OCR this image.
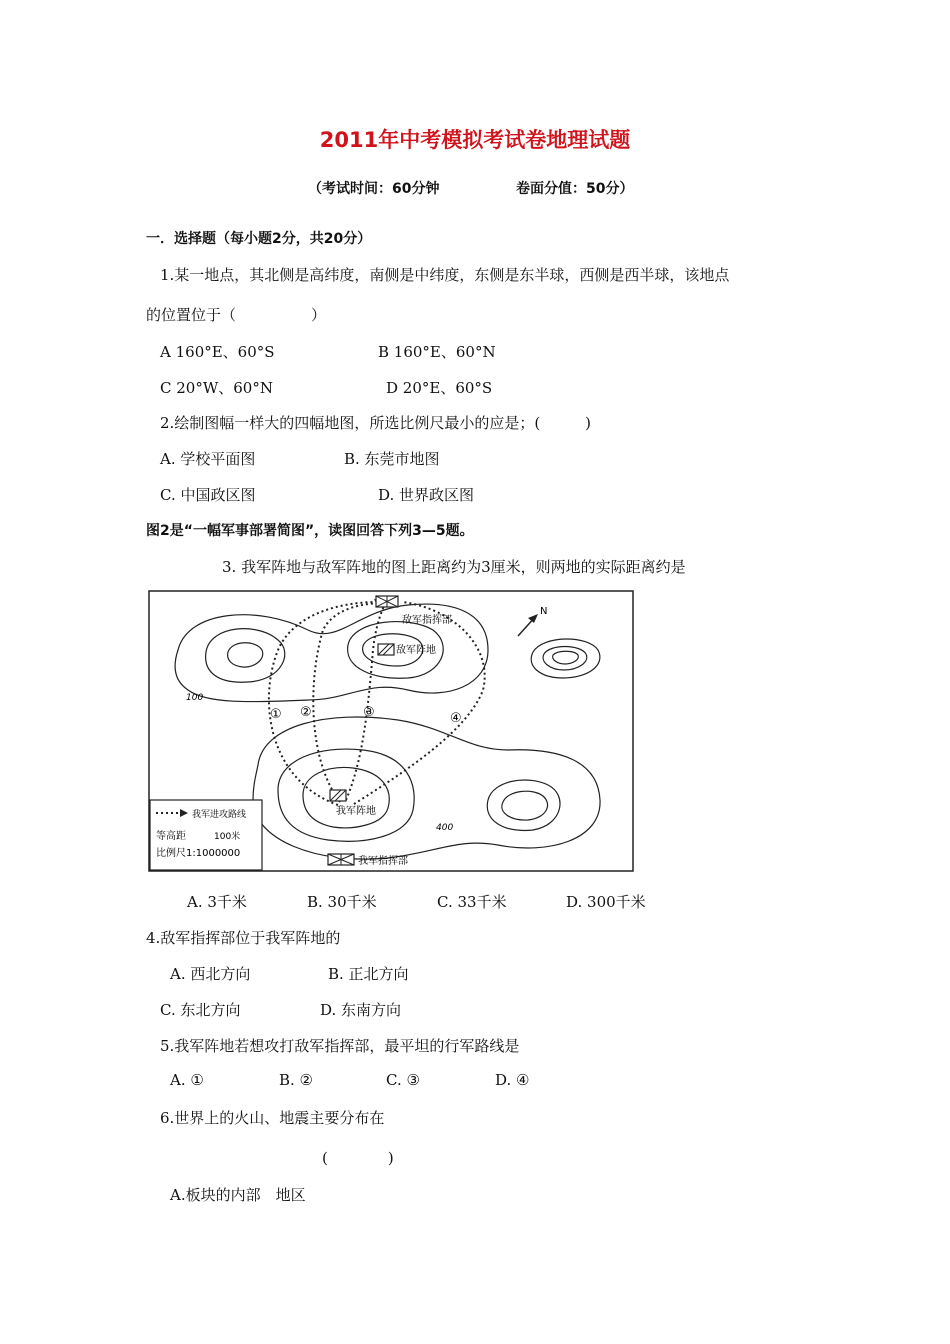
2011年中考模拟考试卷地理试题
（考试时间：60分钟	卷面分值：50分）
一．选择题（每小题2分，共20分）
1.某一地点，其北侧是高纬度，南侧是中纬度，东侧是东半球，西侧是西半球，该地点
的位置位于（　　　　　）
A 160°E、60°S	B 160°E、60°N
C 20°W、60°N	D 20°E、60°S
2.绘制图幅一样大的四幅地图，所选比例尺最小的应是；(　　　)
A. 学校平面图	B. 东莞市地图
C. 中国政区图	D. 世界政区图
图2是“一幅军事部署简图”，读图回答下列3—5题。
3. 我军阵地与敌军阵地的图上距离约为3厘米，则两地的实际距离约是
N
敌军指挥部
敌军阵地
我军阵地
我军指挥部
100
400
① ②	③	④
我军进攻路线
等高距	100米
比例尺1:1000000
A. 3千米	B. 30千米	C. 33千米	D. 300千米
4.敌军指挥部位于我军阵地的
A. 西北方向	B. 正北方向
C. 东北方向	D. 东南方向
5.我军阵地若想攻打敌军指挥部，最平坦的行军路线是
A. ①	B. ②	C. ③	D. ④
6.世界上的火山、地震主要分布在
(　　　　)
A.板块的内部　地区
